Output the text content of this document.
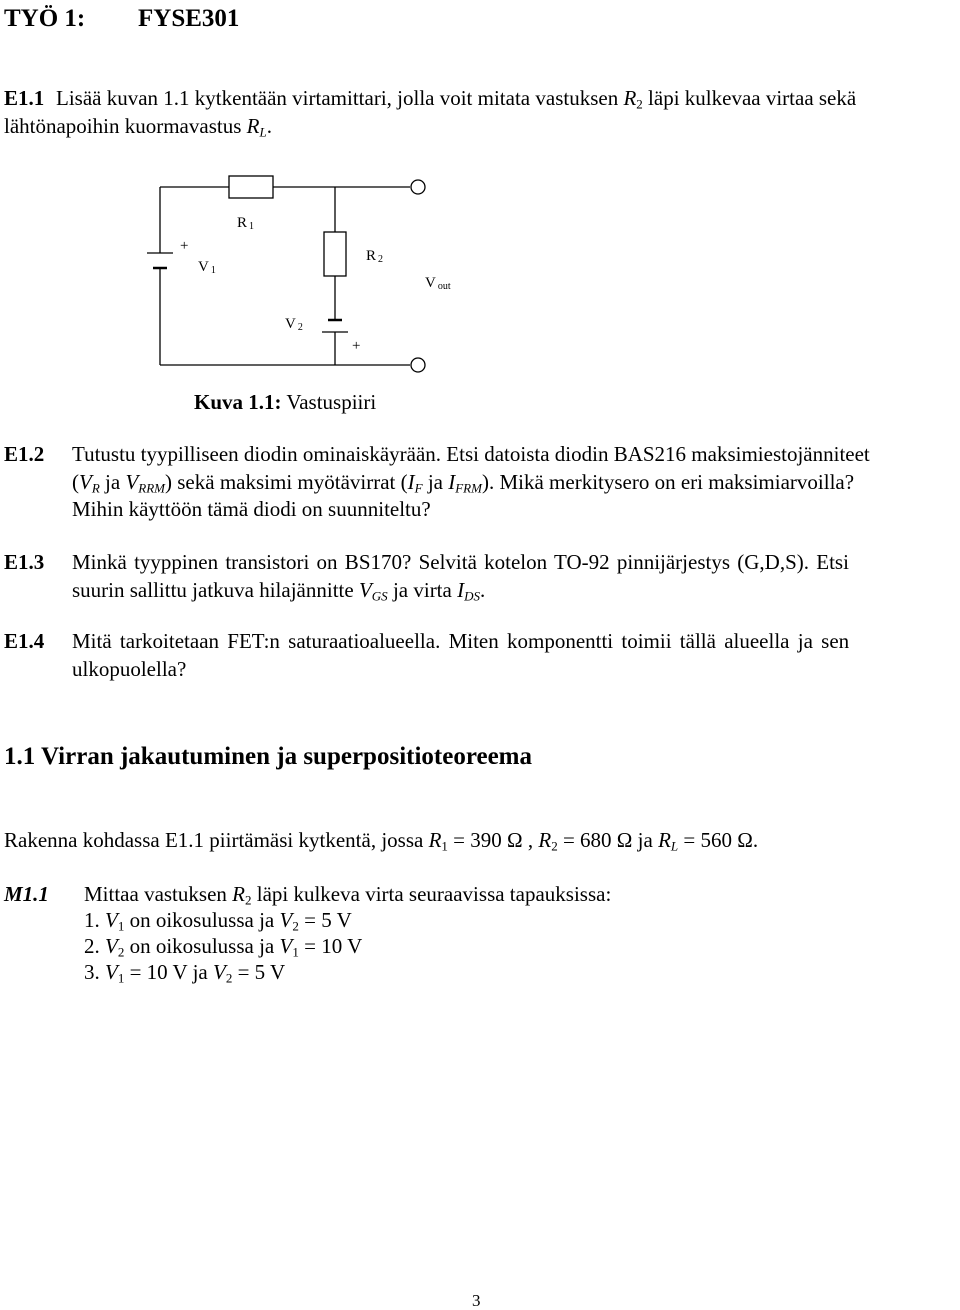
TYÖ 1: FYSE301
E1.1 Lisää kuvan 1.1 kytkentään virtamittari, jolla voit mitata vastuksen $R_2$ läpi kulkevaa virtaa sekä
lähtönapoihin kuormavastus $R_L$.
R 1
R 2
V 1
V 2
Vout
+
+
Kuva 1.1: Vastuspiiri
E1.2 Tutustu tyypilliseen diodin ominaiskäyrään. Etsi datoista diodin BAS216 maksimiestojänniteet
($V_R$ ja $V_{RRM}$) sekä maksimi myötävirrat ($I_F$ ja $I_{FRM}$). Mikä merkitysero on eri maksimiarvoilla?
Mihin käyttöön tämä diodi on suunniteltu?
E1.3 Minkä tyyppinen transistori on BS170? Selvitä kotelon TO-92 pinnijärjestys (G,D,S). Etsi
suurin sallittu jatkuva hilajännitte $V_{GS}$ ja virta $I_{DS}$.
E1.4 Mitä tarkoitetaan FET:n saturaatioalueella. Miten komponentti toimii tällä alueella ja sen
ulkopuolella?
1.1 Virran jakautuminen ja superpositioteoreema
Rakenna kohdassa E1.1 piirtämäsi kytkentä, jossa $R_1 = 390$ Ω , $R_2 = 680$ Ω ja $R_L = 560$ Ω.
M1.1 Mittaa vastuksen $R_2$ läpi kulkeva virta seuraavissa tapauksissa:
1. $V_1$ on oikosulussa ja $V_2 = 5$ V
2. $V_2$ on oikosulussa ja $V_1 = 10$ V
3. $V_1 = 10$ V ja $V_2 = 5$ V
3
